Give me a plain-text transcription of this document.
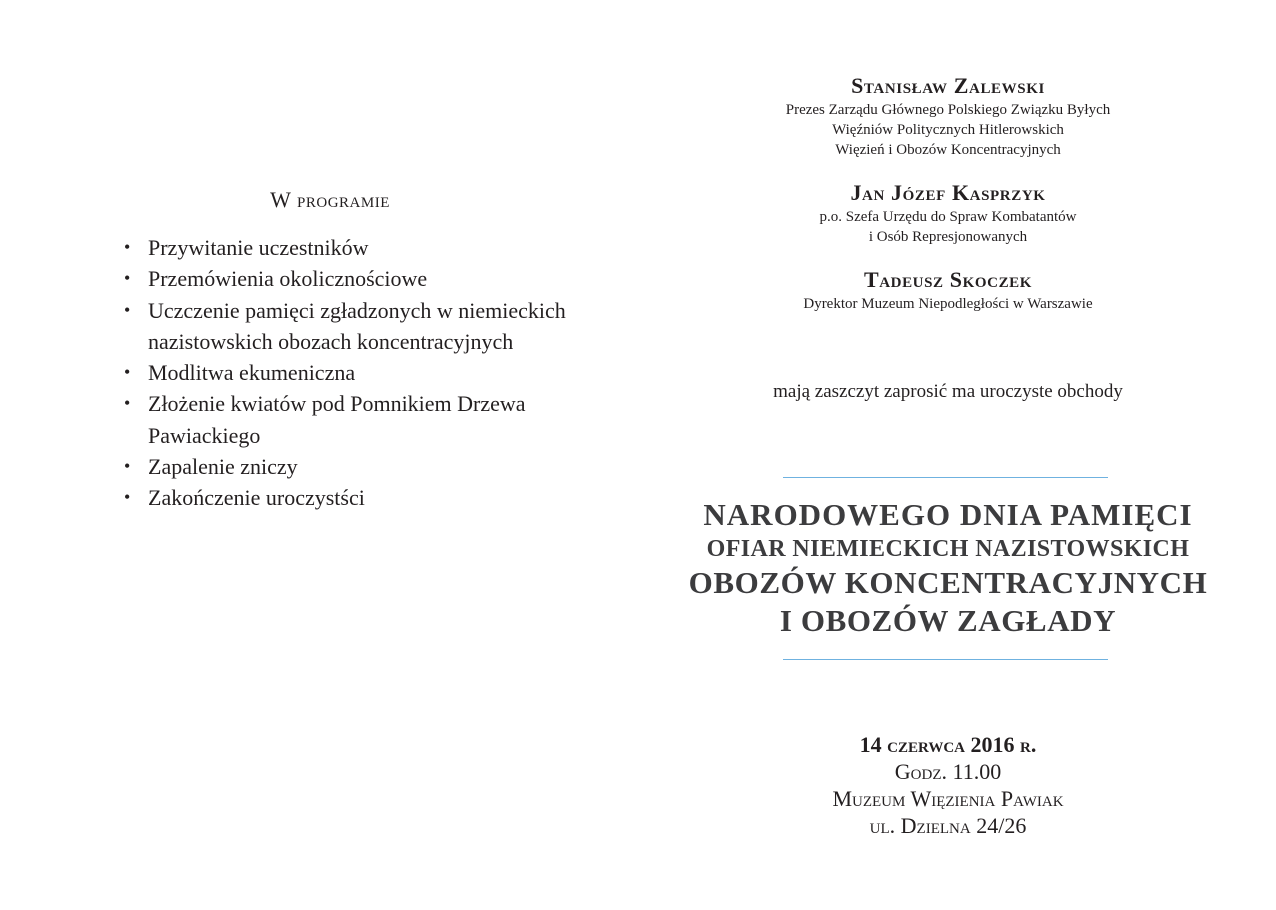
W programie
• Przywitanie uczestników
• Przemówienia okolicznościowe
• Uczczenie pamięci zgładzonych w niemieckich
nazistowskich obozach koncentracyjnych
• Modlitwa ekumeniczna
• Złożenie kwiatów pod Pomnikiem Drzewa
Pawiackiego
• Zapalenie zniczy
• Zakończenie uroczystści
Stanisław Zalewski
Prezes Zarządu Głównego Polskiego Związku Byłych
Więźniów Politycznych Hitlerowskich
Więzień i Obozów Koncentracyjnych
Jan Józef Kasprzyk
p.o. Szefa Urzędu do Spraw Kombatantów
i Osób Represjonowanych
Tadeusz Skoczek
Dyrektor Muzeum Niepodległości w Warszawie
mają zaszczyt zaprosić ma uroczyste obchody
NARODOWEGO DNIA PAMIĘCI
OFIAR NIEMIECKICH NAZISTOWSKICH
OBOZÓW KONCENTRACYJNYCH
I OBOZÓW ZAGŁADY
14 czerwca 2016 r.
Godz. 11.00
Muzeum Więzienia Pawiak
ul. Dzielna 24/26
